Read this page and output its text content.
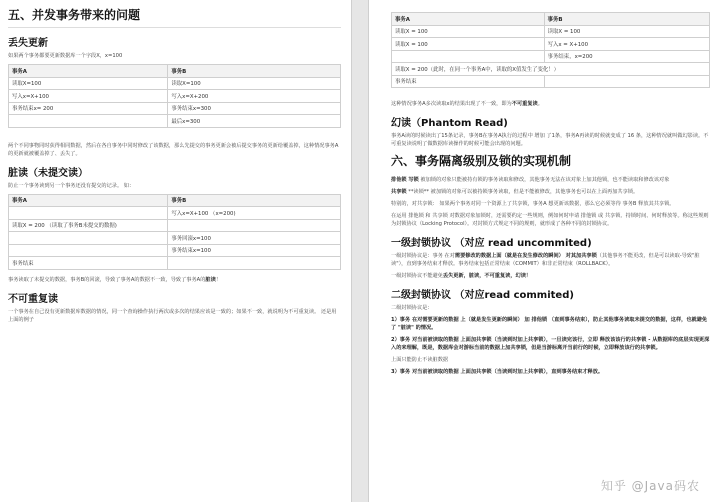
五、并发事务带来的问题
丢失更新
如果两个事务都要更新数据库一个字段X，x=100
事务A	事务B
读取X=100	读取X=100
写入x=X+100	写入x=X+200
事务结束x= 200	事务结束x=300
	最后x=300
两个不同事物同时获得相同数据，然后在各自事务中同时修改了该数据，那么先提交的事务更新会被后提交事务的更新给覆盖掉，这种情况事务A的更新就被覆盖掉了、丢失了。
脏读（未提交读）
防止一个事务读到另一个事务还没有提交的记录。 如：
事务A	事务B
	写入x=X+100 （x=200)
读取X = 200 （读取了事务B未提交的数据)	
	事务回滚x=100
	事务结束x=100
事务结束	
事务读取了未提交的数据，事务B的回滚，导致了事务A的数据不一致，导致了事务A的脏读！
不可重复读
一个事务在自己没有更新数据库数据的情况，同一个查询操作执行两次或多次的结果应该是一致的；如果不一致，就说明为不可重复读。 还是用上面的例子
事务A	事务B
读取X = 100	读取X = 100
读取X = 100	写入x = X+100
	事务结束，x=200
读取X = 200（此时，在同一个事务A中，读取的X值发生了变化！）	
事务结束	
这种情况事务A多次读取x的结果出现了不一致，即为不可重复读。
幻读（Phantom Read)
事务A读的时候读出了15条记录，事务B在事务A执行的过程中 增加 了1条，事务A再读的时候就变成了 16 条，这种情况就叫做幻影读。不可重复读说明了做数据库读操作的时候可能会出现的问题。
六、事务隔离级别及锁的实现机制
排他锁 写锁 被加锁的对象只能被持有锁的事务读取和修改，其他事务无法在该对象上加其他锁，也不能读取和修改该对象
共享锁 **读锁** 被加锁的对象可以被持锁事务读取，但是不能被修改，其他事务也可以在上面再加共享锁。
特别的，对共享锁： 如果两个事务对同一个资源上了共享锁，事务A 想更新该数据，那么它必须等待 事务B 释放其共享锁。
在运用 排他锁 和 共享锁 对数据对象加锁时，还需要约定一些规则，例如何时申请 排他锁 或 共享锁、持锁时间、何时释放等。称这些规则为封锁协议（Locking Protocol）。对封锁方式规定不同的规则，就形成了各种不同的封锁协议。
一级封锁协议 （对应 read uncommited)
一级封锁协议是：事务 在对需要修改的数据上面（就是在发生修改的瞬间） 对其加共享锁（其他事务不能更改，但是可以读取-导致"脏读"），直到事务结束才释放。事务结束包括正常结束（COMMIT）和非正常结束（ROLLBACK）。
一级封锁协议不能避免丢失更新，脏读，不可重复读，幻读！
二级封锁协议 （对应read commited)
二级封锁协议是：
1）事务 在对需要更新的数据 上（就是发生更新的瞬间） 加 排他锁 （直到事务结束），防止其他事务读取未提交的数据，这样，也就避免了 "脏读" 的情况。
2）事务 对当前被读取的数据 上面加共享锁（当读到时加上共享锁），一旦读完该行，立即 释放该该行的共享锁 - 从数据库的底层实现更深入的来理解，既是，数据库会对游标当前的数据上加共享锁，但是当游标离开当前行的时候，立即释放该行的共享锁。
上面只能防止不读脏数据
3）事务 对当前被读取的数据 上面加共享锁（当读到时加上共享锁），直到事务结束才释放。
知乎 @Java码农
